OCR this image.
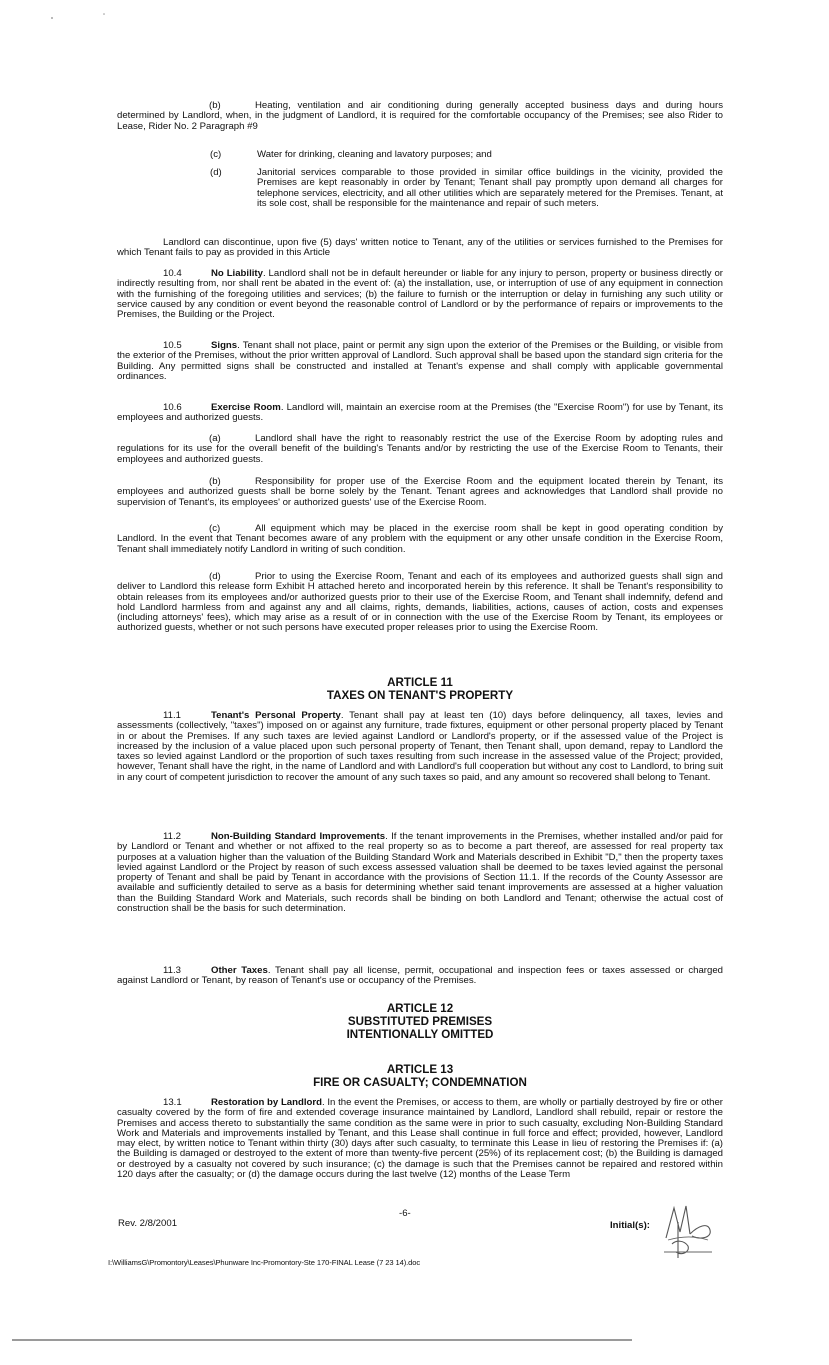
(b)	Heating, ventilation and air conditioning during generally accepted business days and during hours determined by Landlord, when, in the judgment of Landlord, it is required for the comfortable occupancy of the Premises; see also Rider to Lease, Rider No. 2 Paragraph #9

(c)	Water for drinking, cleaning and lavatory purposes; and

(d)	Janitorial services comparable to those provided in similar office buildings in the vicinity, provided the Premises are kept reasonably in order by Tenant; Tenant shall pay promptly upon demand all charges for telephone services, electricity, and all other utilities which are separately metered for the Premises. Tenant, at its sole cost, shall be responsible for the maintenance and repair of such meters.

Landlord can discontinue, upon five (5) days' written notice to Tenant, any of the utilities or services furnished to the Premises for which Tenant fails to pay as provided in this Article

10.4	No Liability. Landlord shall not be in default hereunder or liable for any injury to person, property or business directly or indirectly resulting from, nor shall rent be abated in the event of: (a) the installation, use, or interruption of use of any equipment in connection with the furnishing of the foregoing utilities and services; (b) the failure to furnish or the interruption or delay in furnishing any such utility or service caused by any condition or event beyond the reasonable control of Landlord or by the performance of repairs or improvements to the Premises, the Building or the Project.

10.5	Signs. Tenant shall not place, paint or permit any sign upon the exterior of the Premises or the Building, or visible from the exterior of the Premises, without the prior written approval of Landlord. Such approval shall be based upon the standard sign criteria for the Building. Any permitted signs shall be constructed and installed at Tenant's expense and shall comply with applicable governmental ordinances.

10.6	Exercise Room. Landlord will, maintain an exercise room at the Premises (the "Exercise Room") for use by Tenant, its employees and authorized guests.

(a)	Landlord shall have the right to reasonably restrict the use of the Exercise Room by adopting rules and regulations for its use for the overall benefit of the building's Tenants and/or by restricting the use of the Exercise Room to Tenants, their employees and authorized guests.

(b)	Responsibility for proper use of the Exercise Room and the equipment located therein by Tenant, its employees and authorized guests shall be borne solely by the Tenant. Tenant agrees and acknowledges that Landlord shall provide no supervision of Tenant's, its employees' or authorized guests' use of the Exercise Room.

(c)	All equipment which may be placed in the exercise room shall be kept in good operating condition by Landlord. In the event that Tenant becomes aware of any problem with the equipment or any other unsafe condition in the Exercise Room, Tenant shall immediately notify Landlord in writing of such condition.

(d)	Prior to using the Exercise Room, Tenant and each of its employees and authorized guests shall sign and deliver to Landlord this release form Exhibit H attached hereto and incorporated herein by this reference. It shall be Tenant's responsibility to obtain releases from its employees and/or authorized guests prior to their use of the Exercise Room, and Tenant shall indemnify, defend and hold Landlord harmless from and against any and all claims, rights, demands, liabilities, actions, causes of action, costs and expenses (including attorneys' fees), which may arise as a result of or in connection with the use of the Exercise Room by Tenant, its employees or authorized guests, whether or not such persons have executed proper releases prior to using the Exercise Room.

ARTICLE 11
TAXES ON TENANT'S PROPERTY

11.1	Tenant's Personal Property. Tenant shall pay at least ten (10) days before delinquency, all taxes, levies and assessments (collectively, "taxes") imposed on or against any furniture, trade fixtures, equipment or other personal property placed by Tenant in or about the Premises. If any such taxes are levied against Landlord or Landlord's property, or if the assessed value of the Project is increased by the inclusion of a value placed upon such personal property of Tenant, then Tenant shall, upon demand, repay to Landlord the taxes so levied against Landlord or the proportion of such taxes resulting from such increase in the assessed value of the Project; provided, however, Tenant shall have the right, in the name of Landlord and with Landlord's full cooperation but without any cost to Landlord, to bring suit in any court of competent jurisdiction to recover the amount of any such taxes so paid, and any amount so recovered shall belong to Tenant.

11.2	Non-Building Standard Improvements. If the tenant improvements in the Premises, whether installed and/or paid for by Landlord or Tenant and whether or not affixed to the real property so as to become a part thereof, are assessed for real property tax purposes at a valuation higher than the valuation of the Building Standard Work and Materials described in Exhibit "D," then the property taxes levied against Landlord or the Project by reason of such excess assessed valuation shall be deemed to be taxes levied against the personal property of Tenant and shall be paid by Tenant in accordance with the provisions of Section 11.1. If the records of the County Assessor are available and sufficiently detailed to serve as a basis for determining whether said tenant improvements are assessed at a higher valuation than the Building Standard Work and Materials, such records shall be binding on both Landlord and Tenant; otherwise the actual cost of construction shall be the basis for such determination.

11.3	Other Taxes. Tenant shall pay all license, permit, occupational and inspection fees or taxes assessed or charged against Landlord or Tenant, by reason of Tenant's use or occupancy of the Premises.

ARTICLE 12
SUBSTITUTED PREMISES
INTENTIONALLY OMITTED
ARTICLE 13
FIRE OR CASUALTY; CONDEMNATION

13.1	Restoration by Landlord. In the event the Premises, or access to them, are wholly or partially destroyed by fire or other casualty covered by the form of fire and extended coverage insurance maintained by Landlord, Landlord shall rebuild, repair or restore the Premises and access thereto to substantially the same condition as the same were in prior to such casualty, excluding Non-Building Standard Work and Materials and improvements installed by Tenant, and this Lease shall continue in full force and effect; provided, however, Landlord may elect, by written notice to Tenant within thirty (30) days after such casualty, to terminate this Lease in lieu of restoring the Premises if: (a) the Building is damaged or destroyed to the extent of more than twenty-five percent (25%) of its replacement cost; (b) the Building is damaged or destroyed by a casualty not covered by such insurance; (c) the damage is such that the Premises cannot be repaired and restored within 120 days after the casualty; or (d) the damage occurs during the last twelve (12) months of the Lease Term

-6-
Rev. 2/8/2001	Initial(s):
I:\WilliamsG\Promontory\Leases\Phunware Inc-Promontory-Ste 170-FINAL Lease (7 23 14).doc
